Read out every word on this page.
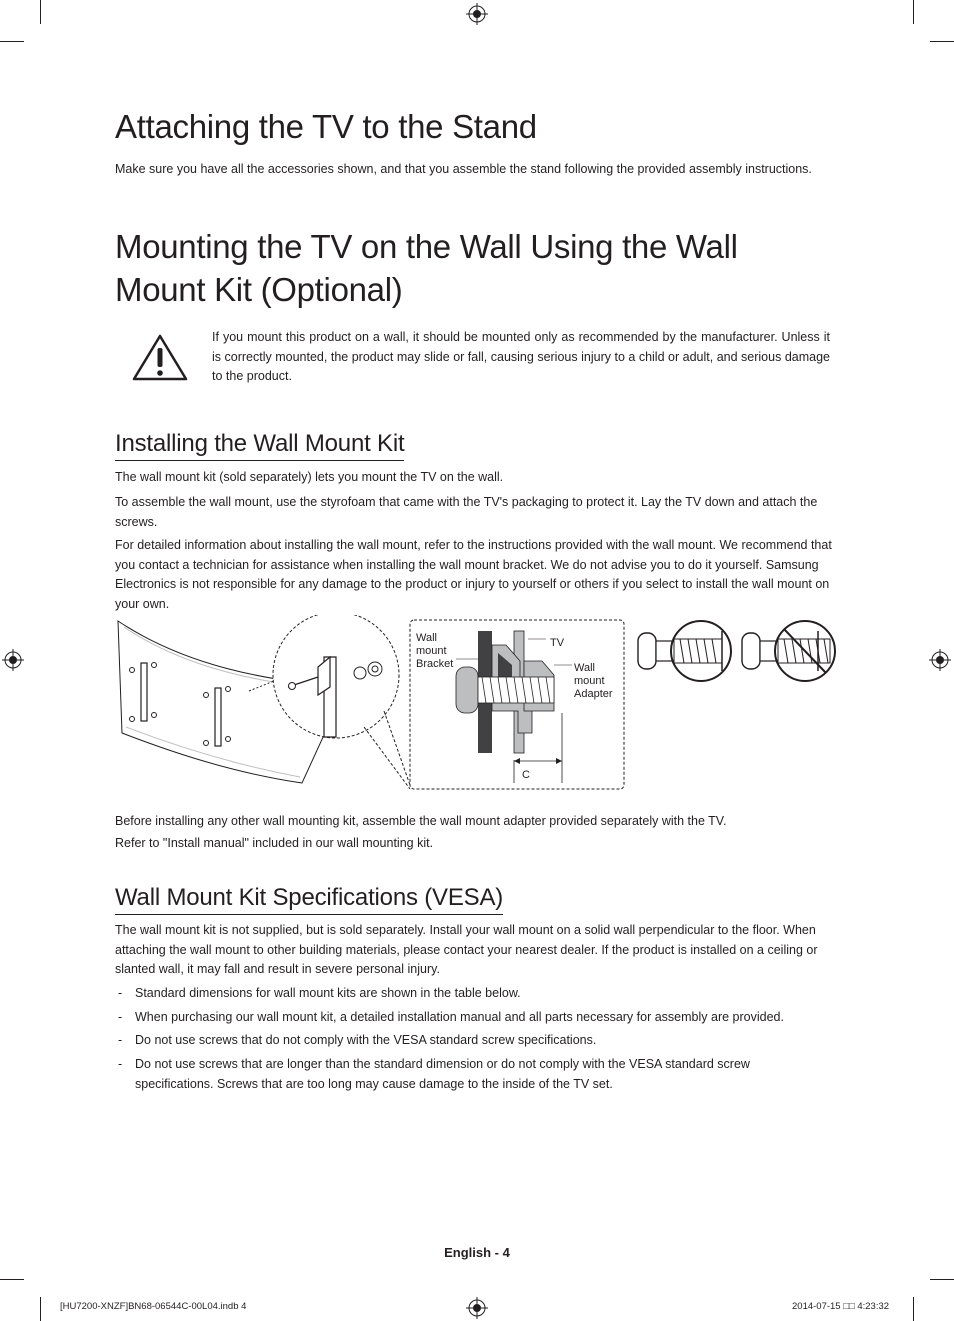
Attaching the TV to the Stand

Make sure you have all the accessories shown, and that you assemble the stand following the provided assembly instructions.

Mounting the TV on the Wall Using the Wall
Mount Kit (Optional)

If you mount this product on a wall, it should be mounted only as recommended by the manufacturer. Unless it is correctly mounted, the product may slide or fall, causing serious injury to a child or adult, and serious damage to the product.

Installing the Wall Mount Kit

The wall mount kit (sold separately) lets you mount the TV on the wall.

To assemble the wall mount, use the styrofoam that came with the TV's packaging to protect it. Lay the TV down and attach the screws.

For detailed information about installing the wall mount, refer to the instructions provided with the wall mount. We recommend that you contact a technician for assistance when installing the wall mount bracket. We do not advise you to do it yourself. Samsung Electronics is not responsible for any damage to the product or injury to yourself or others if you select to install the wall mount on your own.

Wall
mount
Bracket
TV
Wall
mount
Adapter
C

Before installing any other wall mounting kit, assemble the wall mount adapter provided separately with the TV.

Refer to "Install manual" included in our wall mounting kit.

Wall Mount Kit Specifications (VESA)

The wall mount kit is not supplied, but is sold separately. Install your wall mount on a solid wall perpendicular to the floor. When attaching the wall mount to other building materials, please contact your nearest dealer. If the product is installed on a ceiling or slanted wall, it may fall and result in severe personal injury.

- Standard dimensions for wall mount kits are shown in the table below.
- When purchasing our wall mount kit, a detailed installation manual and all parts necessary for assembly are provided.
- Do not use screws that do not comply with the VESA standard screw specifications.
- Do not use screws that are longer than the standard dimension or do not comply with the VESA standard screw specifications. Screws that are too long may cause damage to the inside of the TV set.
English - 4
[HU7200-XNZF]BN68-06544C-00L04.indb 4	2014-07-15 □□ 4:23:32
